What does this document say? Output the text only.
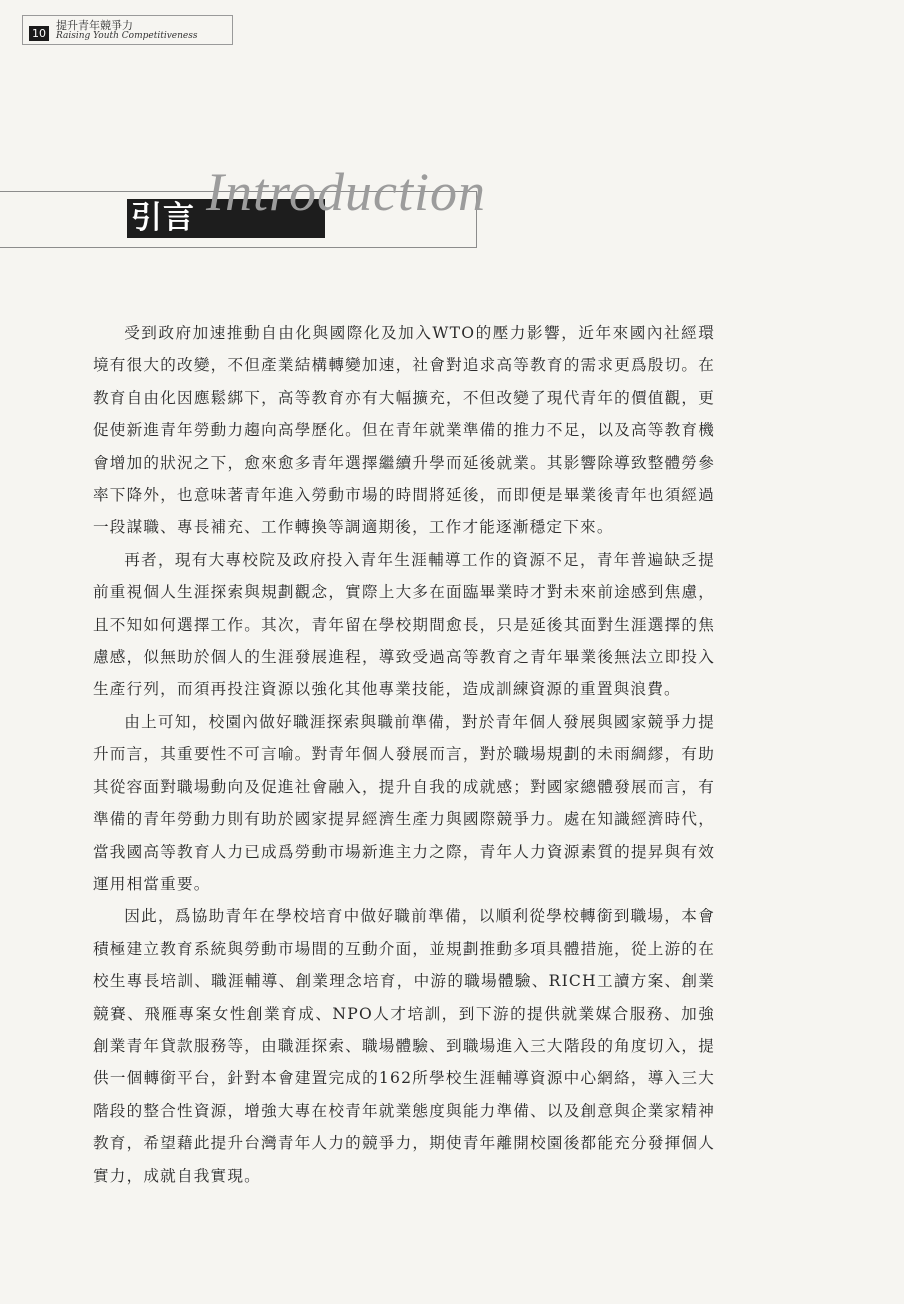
10
提升青年競爭力
Raising Youth Competitiveness
Introduction
引言

受到政府加速推動自由化與國際化及加入WTO的壓力影響，近年來國內社經環境有很大的改變，不但產業結構轉變加速，社會對追求高等教育的需求更爲殷切。在教育自由化因應鬆綁下，高等教育亦有大幅擴充，不但改變了現代青年的價值觀，更促使新進青年勞動力趨向高學歷化。但在青年就業準備的推力不足，以及高等教育機會增加的狀況之下，愈來愈多青年選擇繼續升學而延後就業。其影響除導致整體勞參率下降外，也意味著青年進入勞動市場的時間將延後，而即便是畢業後青年也須經過一段謀職、專長補充、工作轉換等調適期後，工作才能逐漸穩定下來。

再者，現有大專校院及政府投入青年生涯輔導工作的資源不足，青年普遍缺乏提前重視個人生涯探索與規劃觀念，實際上大多在面臨畢業時才對未來前途感到焦慮，且不知如何選擇工作。其次，青年留在學校期間愈長，只是延後其面對生涯選擇的焦慮感，似無助於個人的生涯發展進程，導致受過高等教育之青年畢業後無法立即投入生產行列，而須再投注資源以強化其他專業技能，造成訓練資源的重置與浪費。

由上可知，校園內做好職涯探索與職前準備，對於青年個人發展與國家競爭力提升而言，其重要性不可言喻。對青年個人發展而言，對於職場規劃的未雨綢繆，有助其從容面對職場動向及促進社會融入，提升自我的成就感；對國家總體發展而言，有準備的青年勞動力則有助於國家提昇經濟生產力與國際競爭力。處在知識經濟時代，當我國高等教育人力已成爲勞動市場新進主力之際，青年人力資源素質的提昇與有效運用相當重要。

因此，爲協助青年在學校培育中做好職前準備，以順利從學校轉銜到職場，本會積極建立教育系統與勞動市場間的互動介面，並規劃推動多項具體措施，從上游的在校生專長培訓、職涯輔導、創業理念培育，中游的職場體驗、RICH工讀方案、創業競賽、飛雁專案女性創業育成、NPO人才培訓，到下游的提供就業媒合服務、加強創業青年貸款服務等，由職涯探索、職場體驗、到職場進入三大階段的角度切入，提供一個轉銜平台，針對本會建置完成的162所學校生涯輔導資源中心網絡，導入三大階段的整合性資源，增強大專在校青年就業態度與能力準備、以及創意與企業家精神教育，希望藉此提升台灣青年人力的競爭力，期使青年離開校園後都能充分發揮個人實力，成就自我實現。
